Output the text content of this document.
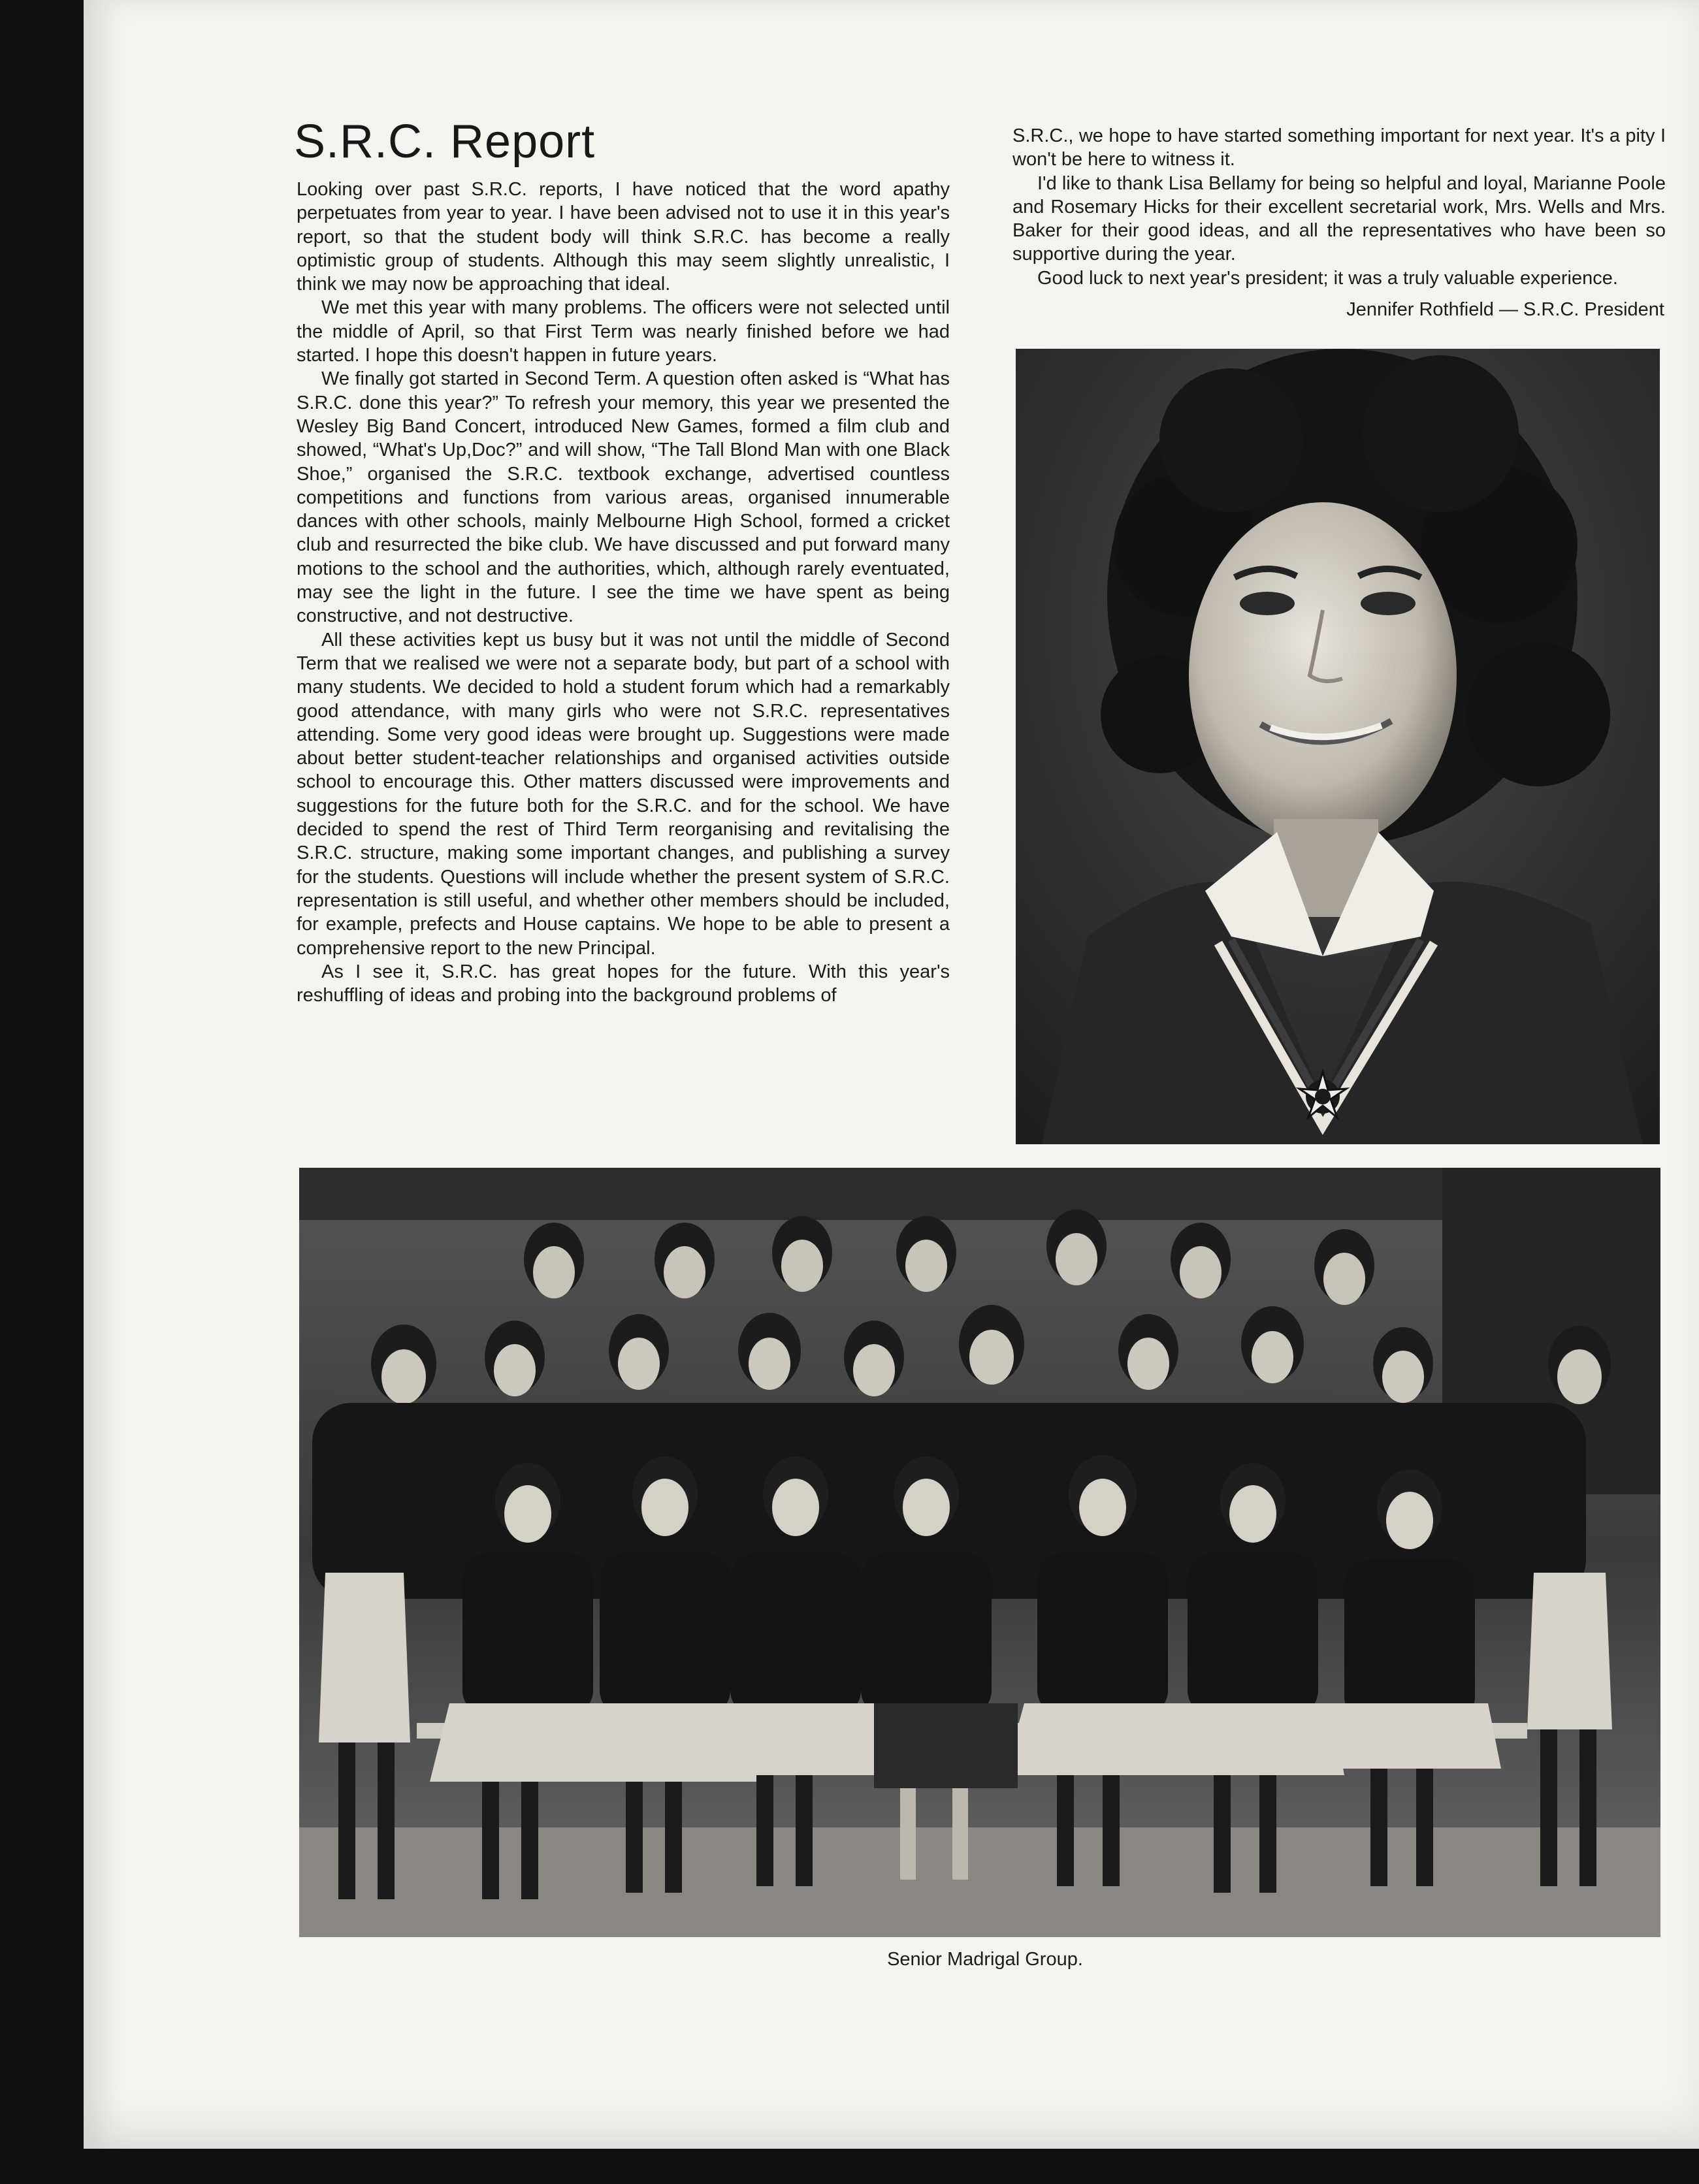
S.R.C. Report

Looking over past S.R.C. reports, I have noticed that the word apathy perpetuates from year to year. I have been advised not to use it in this year's report, so that the student body will think S.R.C. has become a really optimistic group of students. Although this may seem slightly unrealistic, I think we may now be approaching that ideal.

We met this year with many problems. The officers were not selected until the middle of April, so that First Term was nearly finished before we had started. I hope this doesn't happen in future years.

We finally got started in Second Term. A question often asked is “What has S.R.C. done this year?” To refresh your memory, this year we presented the Wesley Big Band Concert, introduced New Games, formed a film club and showed, “What's Up,Doc?” and will show, “The Tall Blond Man with one Black Shoe,” organised the S.R.C. textbook exchange, advertised countless competitions and functions from various areas, organised innumerable dances with other schools, mainly Melbourne High School, formed a cricket club and resurrected the bike club. We have discussed and put forward many motions to the school and the authorities, which, although rarely eventuated, may see the light in the future. I see the time we have spent as being constructive, and not destructive.

All these activities kept us busy but it was not until the middle of Second Term that we realised we were not a separate body, but part of a school with many students. We decided to hold a student forum which had a remarkably good attendance, with many girls who were not S.R.C. representatives attending. Some very good ideas were brought up. Suggestions were made about better student-teacher relationships and organised activities outside school to encourage this. Other matters discussed were improvements and suggestions for the future both for the S.R.C. and for the school. We have decided to spend the rest of Third Term reorganising and revitalising the S.R.C. structure, making some important changes, and publishing a survey for the students. Questions will include whether the present system of S.R.C. representation is still useful, and whether other members should be included, for example, prefects and House captains. We hope to be able to present a comprehensive report to the new Principal.

As I see it, S.R.C. has great hopes for the future. With this year's reshuffling of ideas and probing into the background problems of

S.R.C., we hope to have started something important for next year. It's a pity I won't be here to witness it.

I'd like to thank Lisa Bellamy for being so helpful and loyal, Marianne Poole and Rosemary Hicks for their excellent secretarial work, Mrs. Wells and Mrs. Baker for their good ideas, and all the representatives who have been so supportive during the year.

Good luck to next year's president; it was a truly valuable experience.

Jennifer Rothfield — S.R.C. President
Senior Madrigal Group.
